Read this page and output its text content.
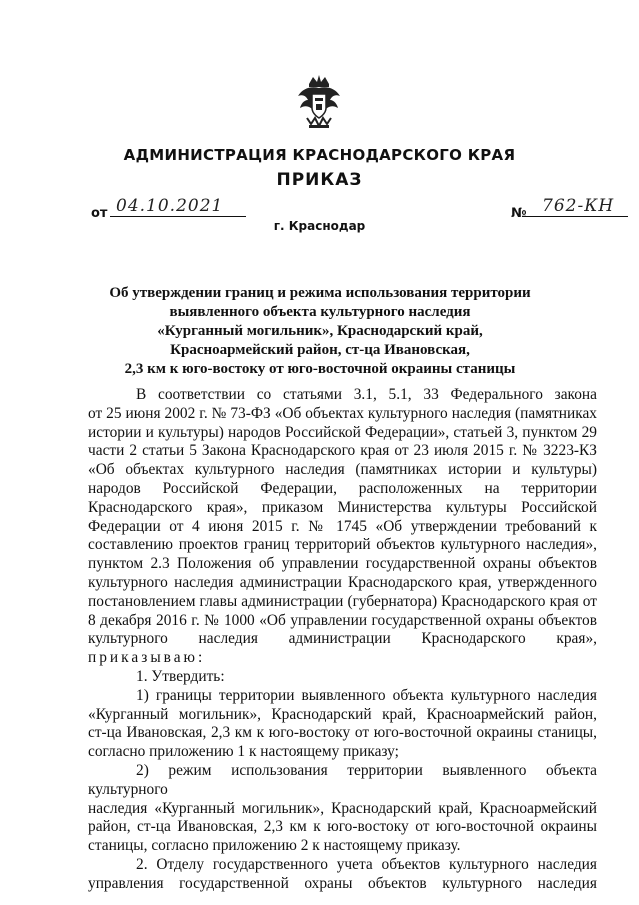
АДМИНИСТРАЦИЯ КРАСНОДАРСКОГО КРАЯ
ПРИКАЗ
от 04.10.2021	№ 762-КН
г. Краснодар
Об утверждении границ и режима использования территории
выявленного объекта культурного наследия
«Курганный могильник», Краснодарский край,
Красноармейский район, ст-ца Ивановская,
2,3 км к юго-востоку от юго-восточной окраины станицы

В соответствии со статьями 3.1, 5.1, 33 Федерального закона

от 25 июня 2002 г. № 73-ФЗ «Об объектах культурного наследия (памятниках

истории и культуры) народов Российской Федерации», статьей 3, пунктом 29

части 2 статьи 5 Закона Краснодарского края от 23 июля 2015 г. № 3223-КЗ

«Об объектах культурного наследия (памятниках истории и культуры)

народов Российской Федерации, расположенных на территории

Краснодарского края», приказом Министерства культуры Российской

Федерации от 4 июня 2015 г. № 1745 «Об утверждении требований к

составлению проектов границ территорий объектов культурного наследия»,

пунктом 2.3 Положения об управлении государственной охраны объектов

культурного наследия администрации Краснодарского края, утвержденного

постановлением главы администрации (губернатора) Краснодарского края от

8 декабря 2016 г. № 1000 «Об управлении государственной охраны объектов

культурного наследия администрации Краснодарского края»,

приказываю:

1. Утвердить:

1) границы территории выявленного объекта культурного наследия

«Курганный могильник», Краснодарский край, Красноармейский район,

ст-ца Ивановская, 2,3 км к юго-востоку от юго-восточной окраины станицы,

согласно приложению 1 к настоящему приказу;

2) режим использования территории выявленного объекта культурного

наследия «Курганный могильник», Краснодарский край, Красноармейский

район, ст-ца Ивановская, 2,3 км к юго-востоку от юго-восточной окраины

станицы, согласно приложению 2 к настоящему приказу.

2. Отделу государственного учета объектов культурного наследия

управления государственной охраны объектов культурного наследия
